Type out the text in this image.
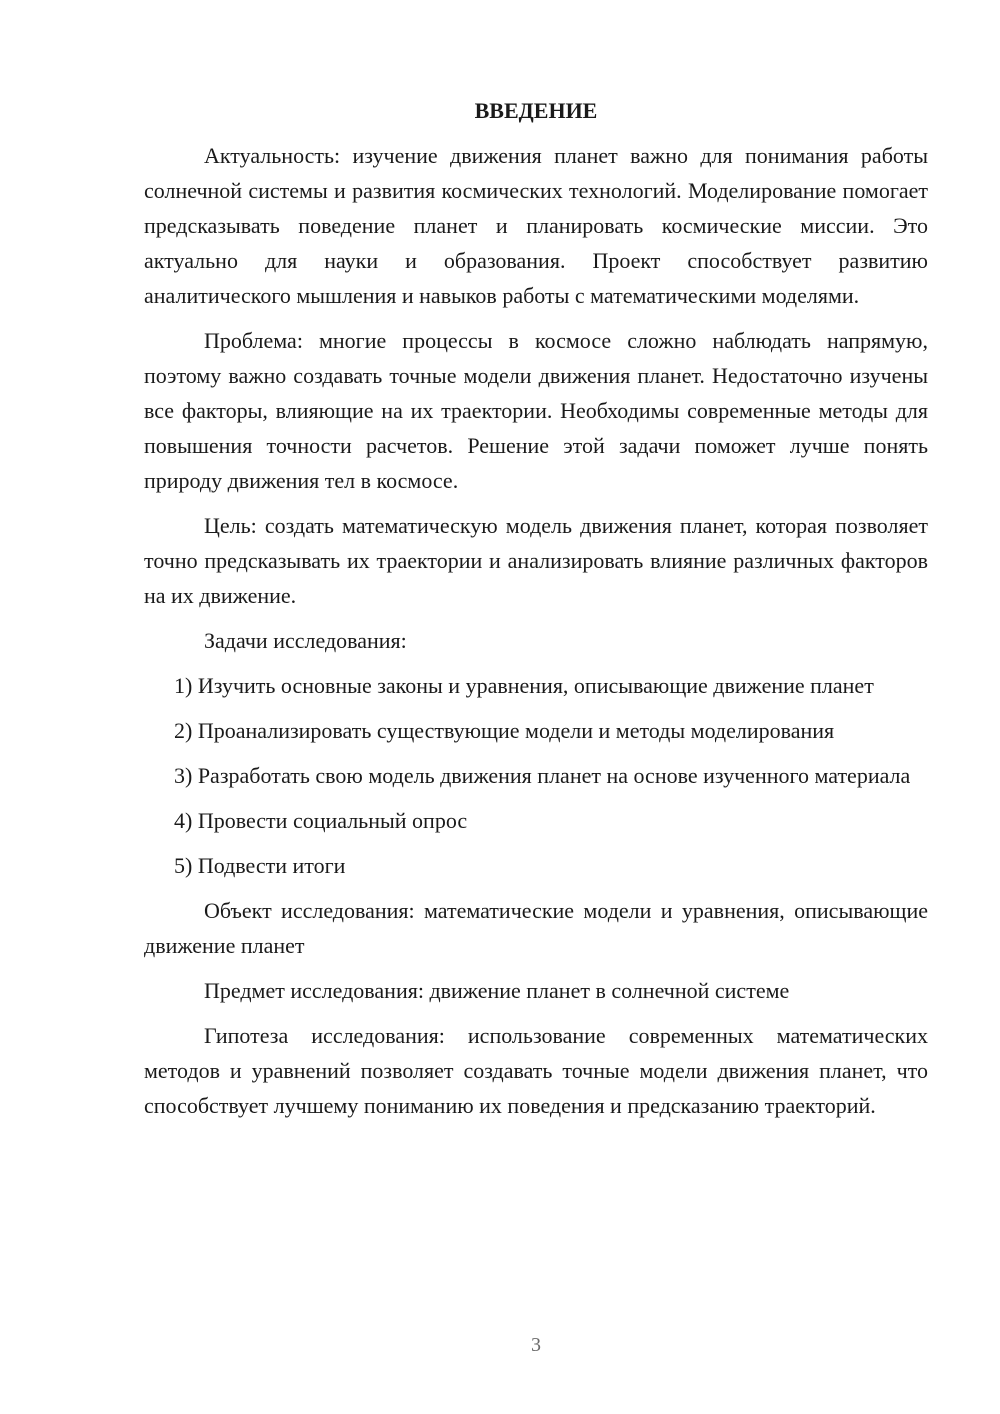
ВВЕДЕНИЕ

Актуальность: изучение движения планет важно для понимания работы солнечной системы и развития космических технологий. Моделирование помогает предсказывать поведение планет и планировать космические миссии. Это актуально для науки и образования. Проект способствует развитию аналитического мышления и навыков работы с математическими моделями.

Проблема: многие процессы в космосе сложно наблюдать напрямую, поэтому важно создавать точные модели движения планет. Недостаточно изучены все факторы, влияющие на их траектории. Необходимы современные методы для повышения точности расчетов. Решение этой задачи поможет лучше понять природу движения тел в космосе.

Цель: создать математическую модель движения планет, которая позволяет точно предсказывать их траектории и анализировать влияние различных факторов на их движение.

Задачи исследования:

1) Изучить основные законы и уравнения, описывающие движение планет

2) Проанализировать существующие модели и методы моделирования

3) Разработать свою модель движения планет на основе изученного материала

4) Провести социальный опрос

5) Подвести итоги

Объект исследования: математические модели и уравнения, описывающие движение планет

Предмет исследования: движение планет в солнечной системе

Гипотеза исследования: использование современных математических методов и уравнений позволяет создавать точные модели движения планет, что способствует лучшему пониманию их поведения и предсказанию траекторий.

3
